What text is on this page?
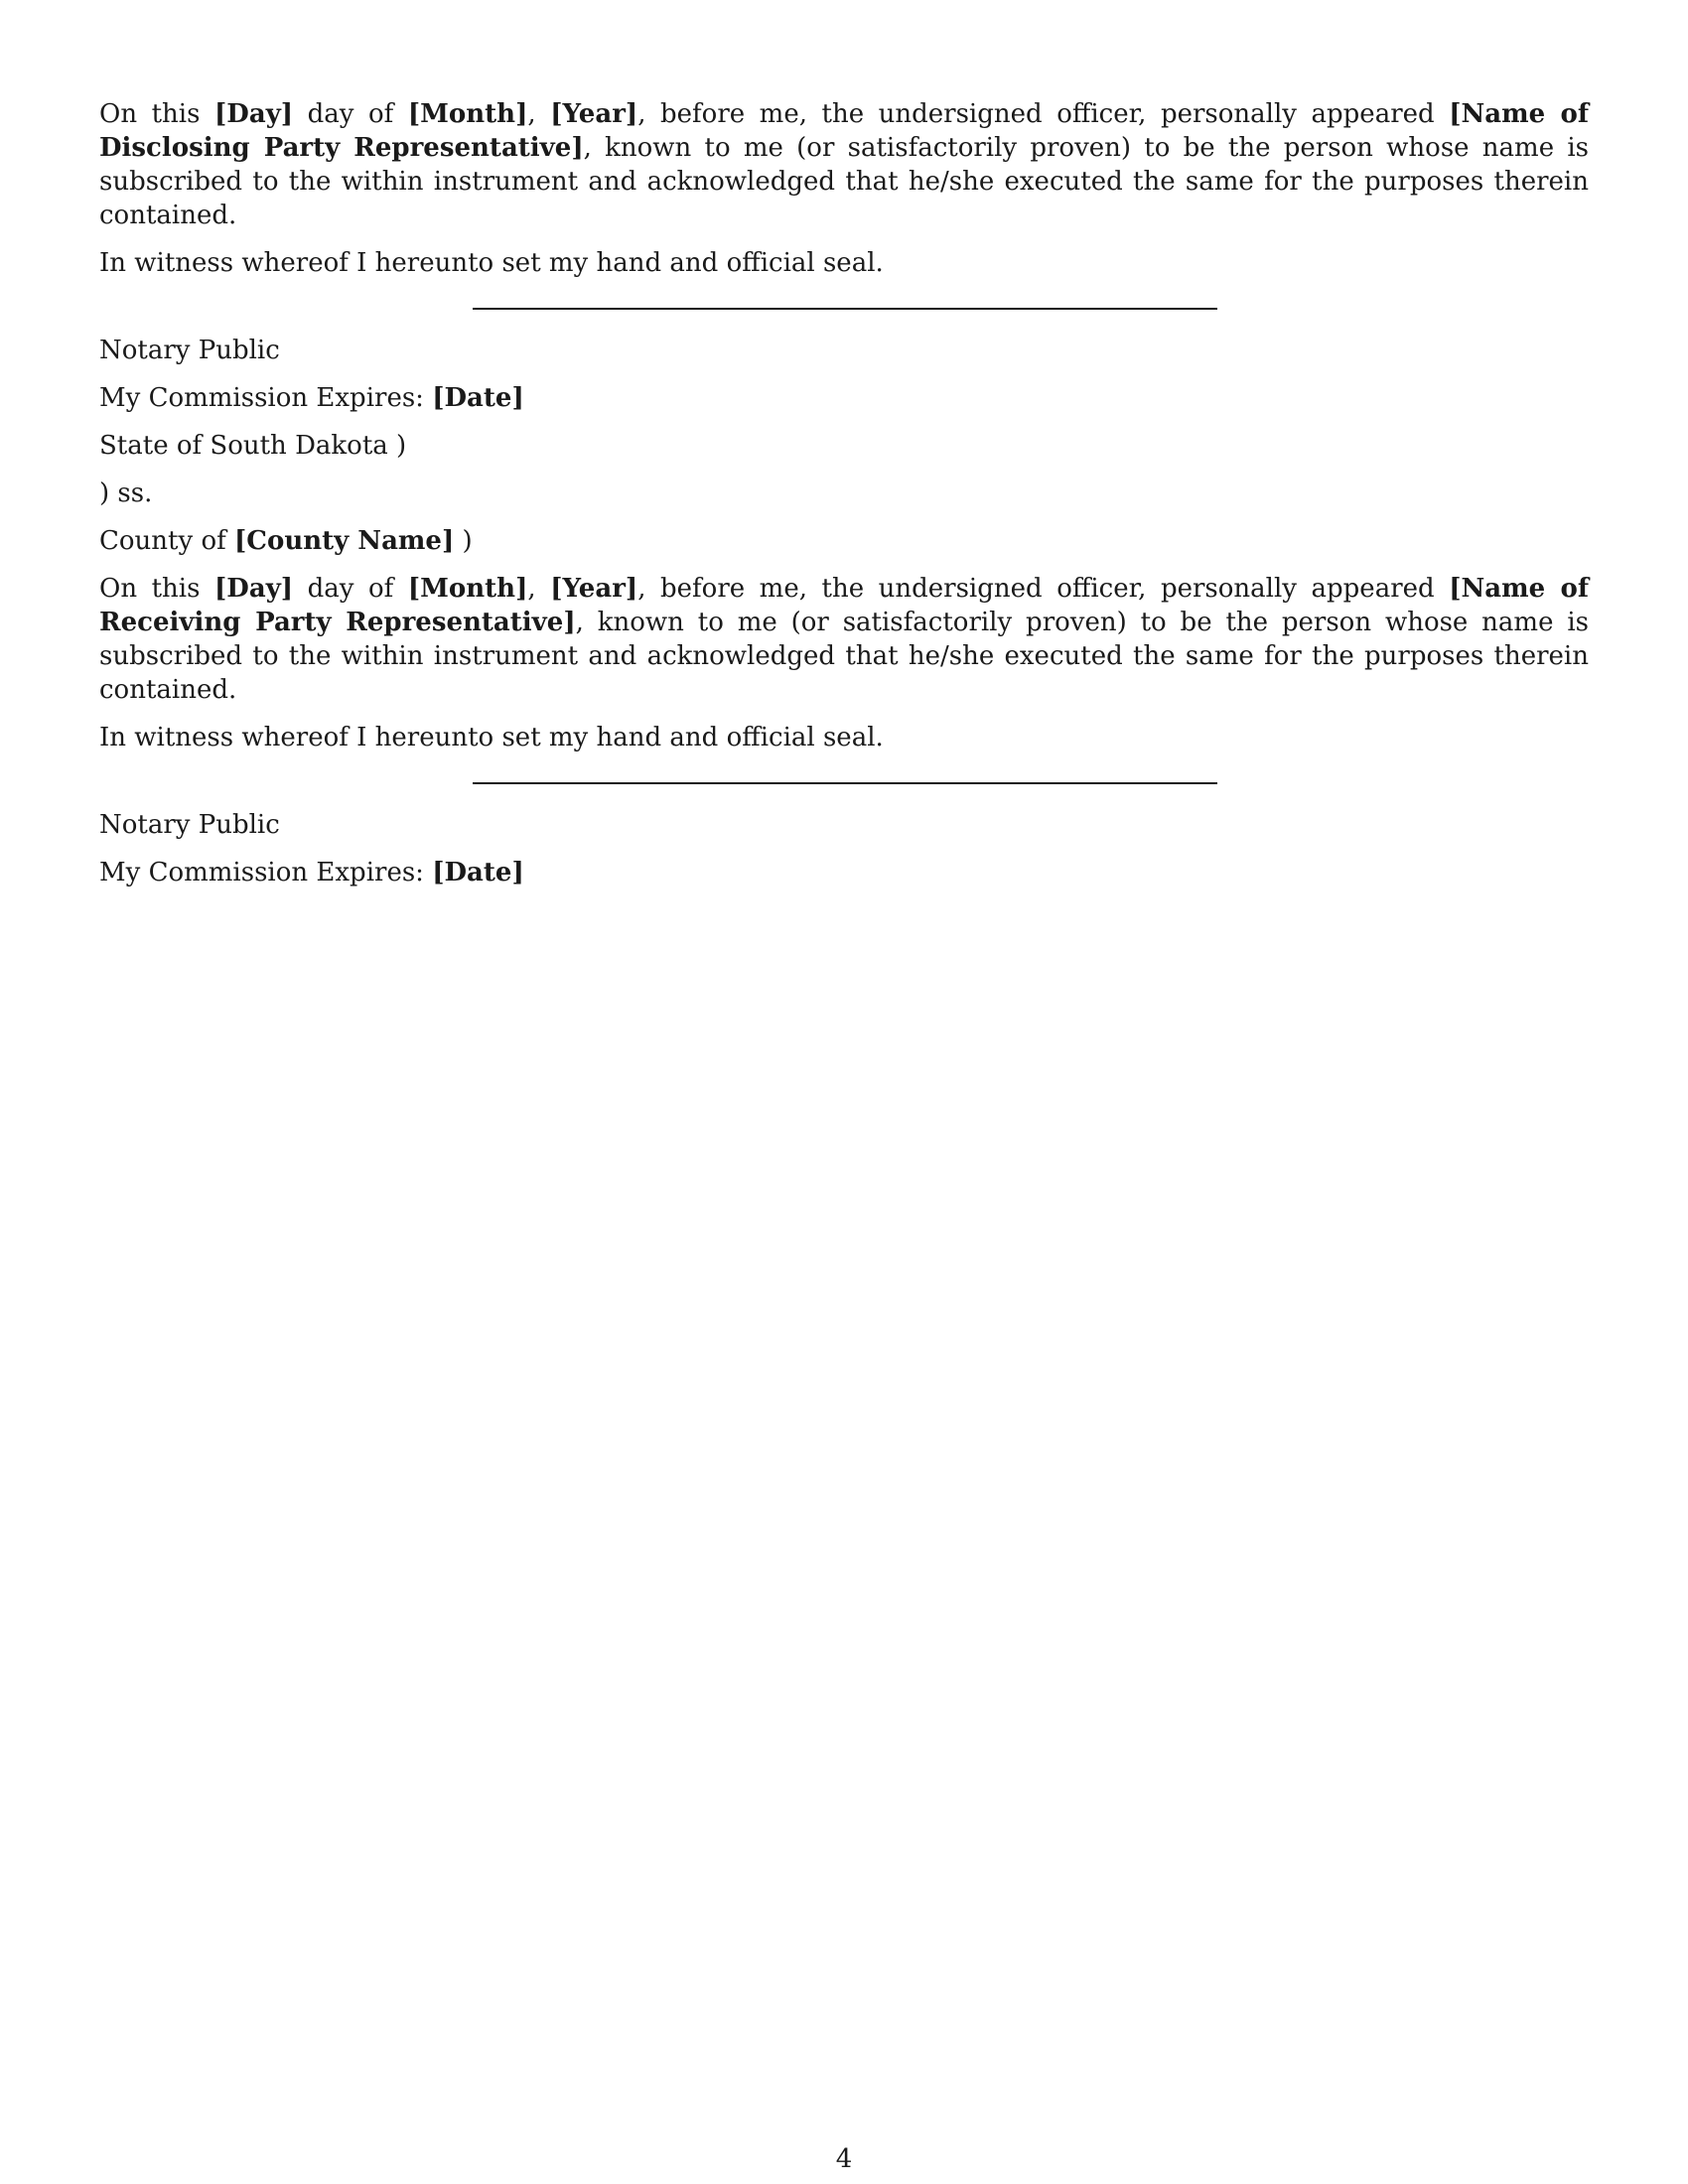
On this [Day] day of [Month], [Year], before me, the undersigned officer, personally appeared [Name of Disclosing Party Representative], known to me (or satisfactorily proven) to be the person whose name is subscribed to the within instrument and acknowledged that he/she executed the same for the purposes therein contained.

In witness whereof I hereunto set my hand and official seal.

Notary Public

My Commission Expires: [Date]

State of South Dakota )

) ss.

County of [County Name] )

On this [Day] day of [Month], [Year], before me, the undersigned officer, personally appeared [Name of Receiving Party Representative], known to me (or satisfactorily proven) to be the person whose name is subscribed to the within instrument and acknowledged that he/she executed the same for the purposes therein contained.

In witness whereof I hereunto set my hand and official seal.

Notary Public

My Commission Expires: [Date]

4
